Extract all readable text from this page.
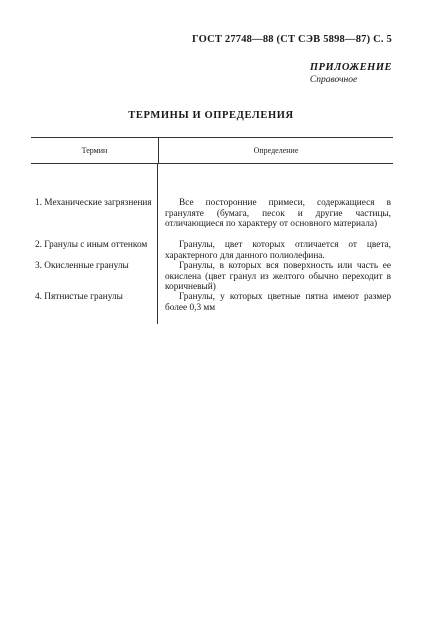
ГОСТ 27748—88 (СТ СЭВ 5898—87) С. 5
ПРИЛОЖЕНИЕ
Справочное
ТЕРМИНЫ И ОПРЕДЕЛЕНИЯ
Термин	Определение
1. Механические загрязнения
2. Гранулы с иным оттенком
3. Окисленные гранулы
4. Пятнистые гранулы
Все посторонние примеси, содержащиеся в грануляте (бумага, песок и другие частицы, отличающиеся по характеру от основного материала)
Гранулы, цвет которых отличается от цвета, характерного для данного полиолефина.
Гранулы, в которых вся поверхность или часть ее окислена (цвет гранул из желтого обычно переходит в коричневый)
Гранулы, у которых цветные пятна имеют размер более 0,3 мм
